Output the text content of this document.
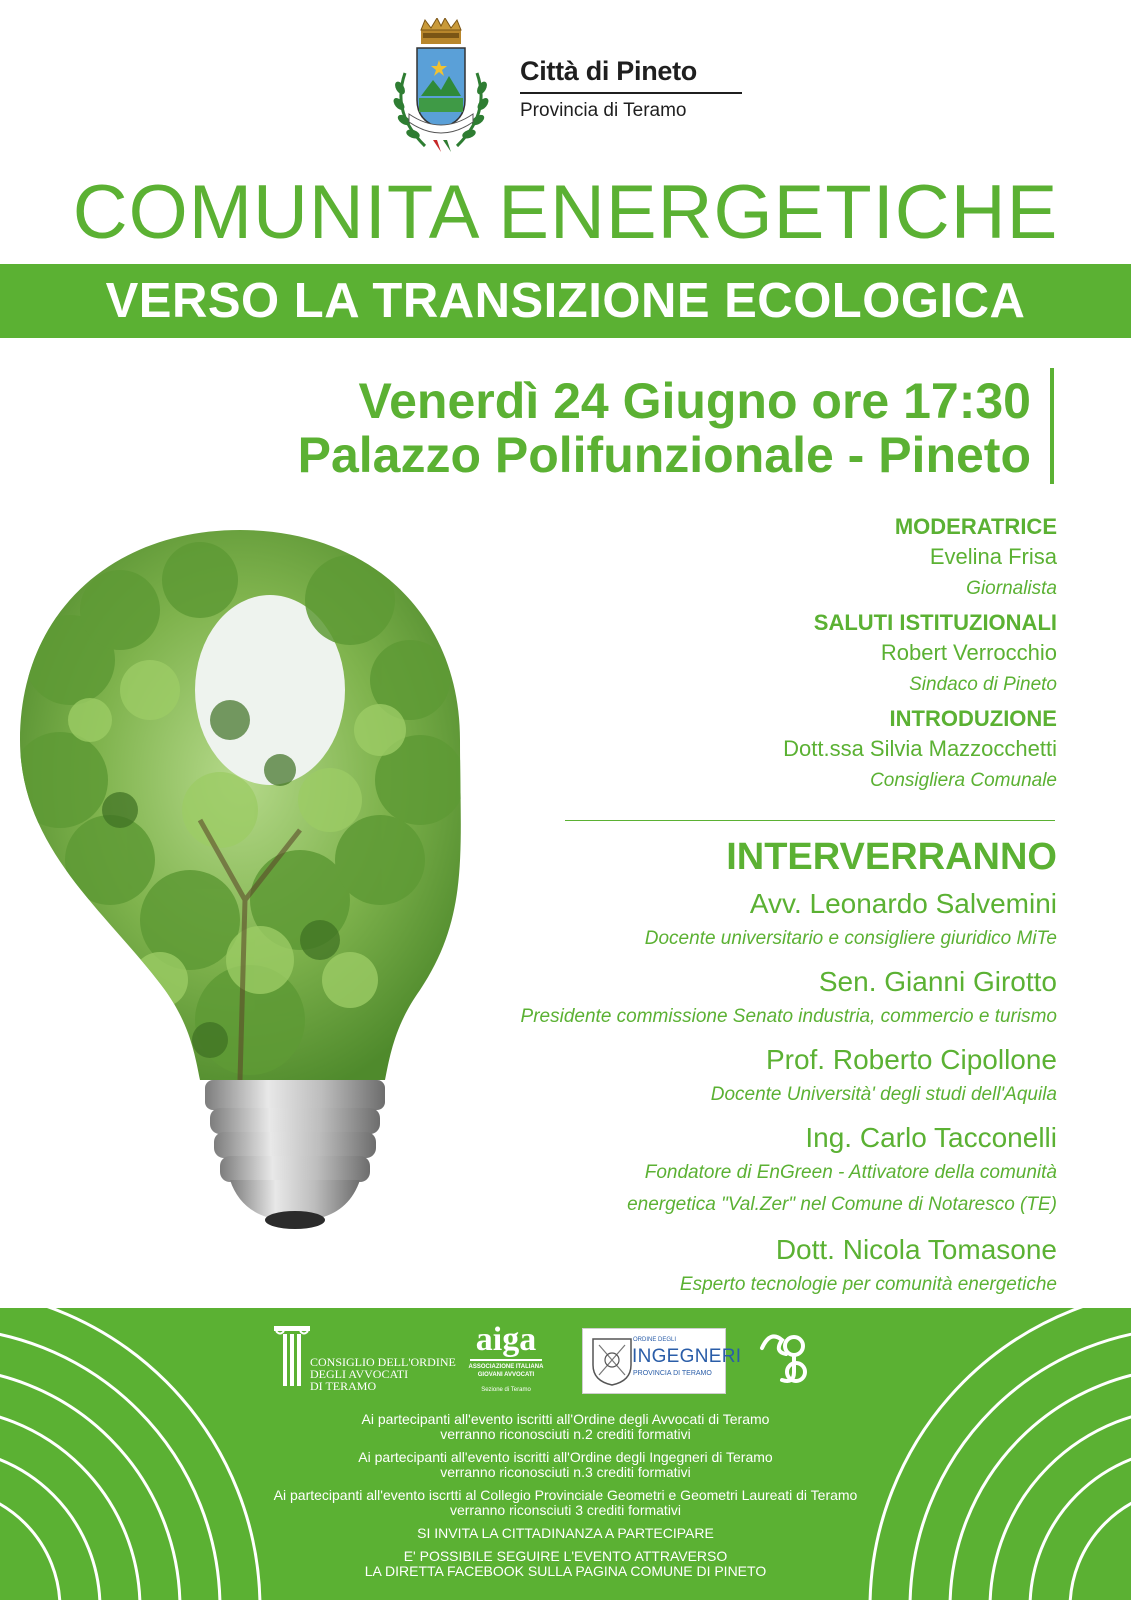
Città di Pineto
Provincia di Teramo
COMUNITA ENERGETICHE
VERSO LA TRANSIZIONE ECOLOGICA
Venerdì 24 Giugno ore 17:30
Palazzo Polifunzionale - Pineto
MODERATRICE
Evelina Frisa
Giornalista
SALUTI ISTITUZIONALI
Robert Verrocchio
Sindaco di Pineto
INTRODUZIONE
Dott.ssa Silvia Mazzocchetti
Consigliera Comunale
INTERVERRANNO
Avv. Leonardo Salvemini
Docente universitario e consigliere giuridico MiTe
Sen. Gianni Girotto
Presidente commissione Senato industria, commercio e turismo
Prof. Roberto Cipollone
Docente Università' degli studi dell'Aquila
Ing. Carlo Tacconelli
Fondatore di EnGreen - Attivatore della comunità
energetica "Val.Zer" nel Comune di Notaresco (TE)
Dott. Nicola Tomasone
Esperto tecnologie per comunità energetiche
CONSIGLIO DELL'ORDINE
DEGLI AVVOCATI
DI TERAMO
aiga
ASSOCIAZIONE ITALIANA
GIOVANI AVVOCATI
Sezione di Teramo
ORDINE DEGLI
INGEGNERI
PROVINCIA DI TERAMO

Ai partecipanti all'evento iscritti all'Ordine degli Avvocati di Teramo
verranno riconosciuti n.2 crediti formativi

Ai partecipanti all'evento iscritti all'Ordine degli Ingegneri di Teramo
verranno riconosciuti n.3 crediti formativi

Ai partecipanti all'evento iscrtti al Collegio Provinciale Geometri e Geometri Laureati di Teramo
verranno riconsciuti 3 crediti formativi

SI INVITA LA CITTADINANZA A PARTECIPARE

E' POSSIBILE SEGUIRE L'EVENTO ATTRAVERSO
LA DIRETTA FACEBOOK SULLA PAGINA COMUNE DI PINETO
